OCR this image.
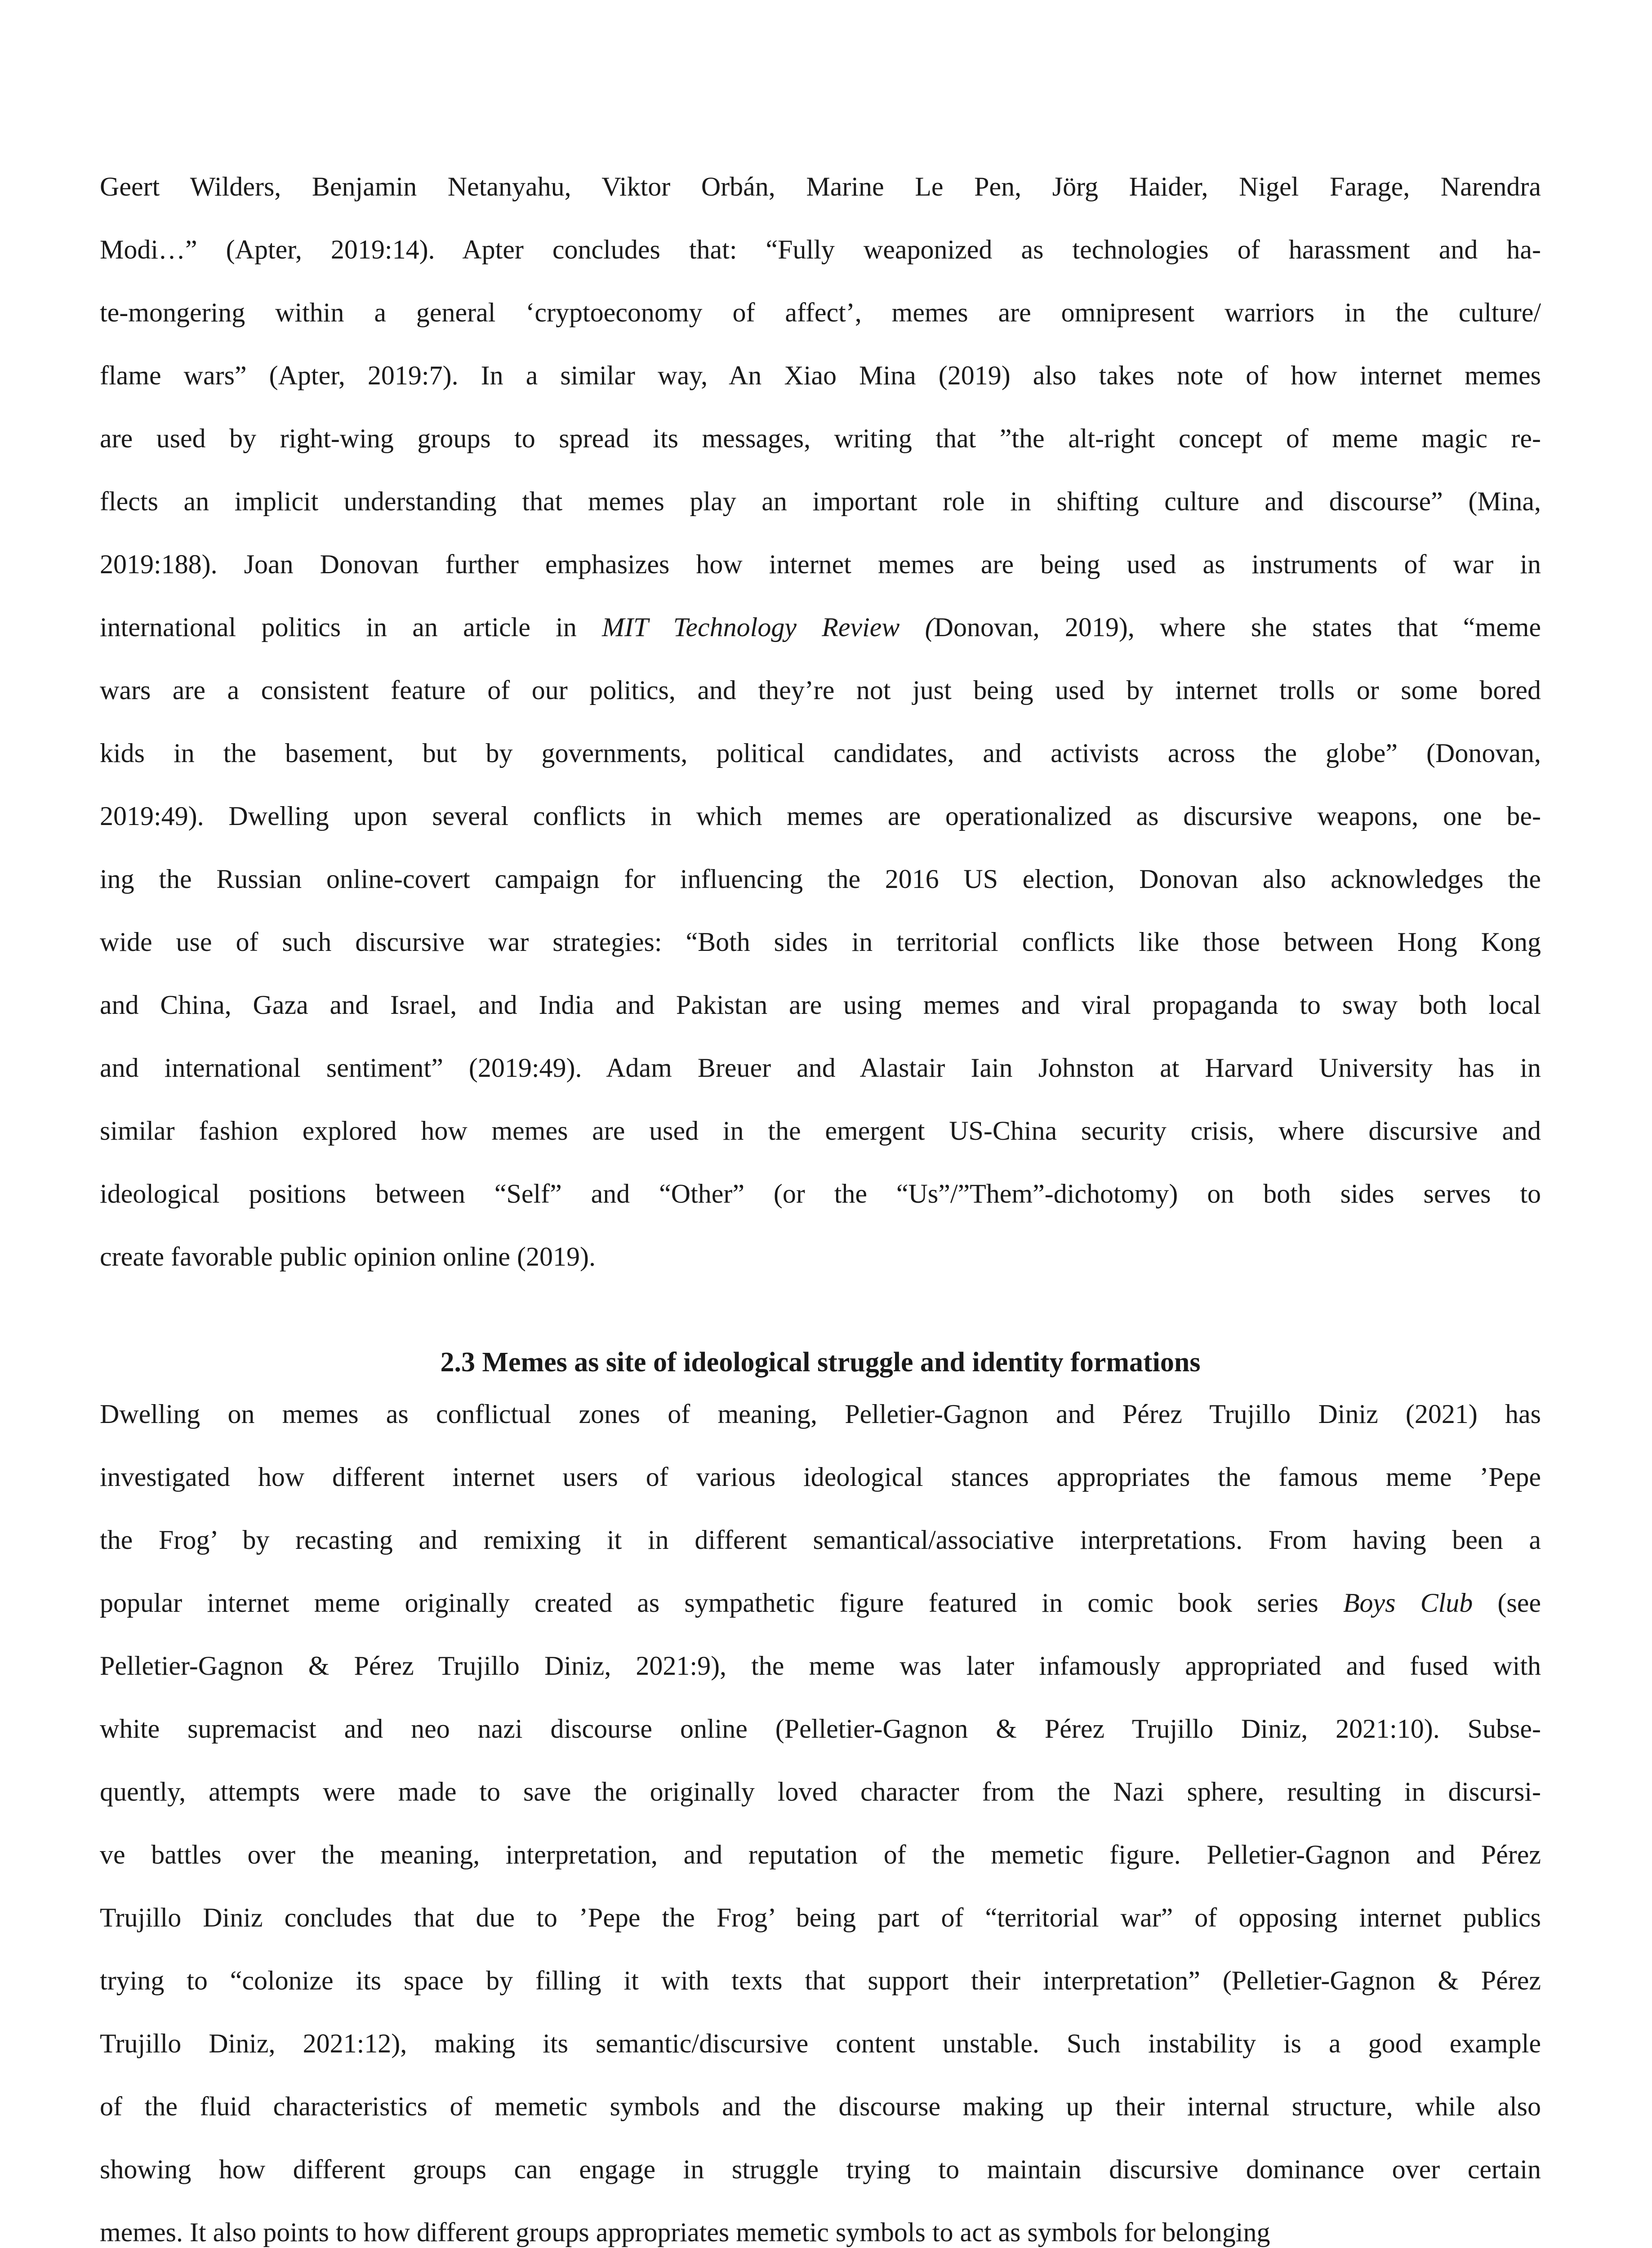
Geert Wilders, Benjamin Netanyahu, Viktor Orbán, Marine Le Pen, Jörg Haider, Nigel Farage, Narendra
Modi…” (Apter, 2019:14). Apter concludes that: “Fully weaponized as technologies of harassment and ha-
te-mongering within a general ‘cryptoeconomy of affect’, memes are omnipresent warriors in the culture/
flame wars” (Apter, 2019:7). In a similar way, An Xiao Mina (2019) also takes note of how internet memes
are used by right-wing groups to spread its messages, writing that ”the alt-right concept of meme magic re-
flects an implicit understanding that memes play an important role in shifting culture and discourse” (Mina,
2019:188). Joan Donovan further emphasizes how internet memes are being used as instruments of war in
international politics in an article in MIT Technology Review (Donovan, 2019), where she states that “meme
wars are a consistent feature of our politics, and they’re not just being used by internet trolls or some bored
kids in the basement, but by governments, political candidates, and activists across the globe” (Donovan,
2019:49). Dwelling upon several conflicts in which memes are operationalized as discursive weapons, one be-
ing the Russian online-covert campaign for influencing the 2016 US election, Donovan also acknowledges the
wide use of such discursive war strategies: “Both sides in territorial conflicts like those between Hong Kong
and China, Gaza and Israel, and India and Pakistan are using memes and viral propaganda to sway both local
and international sentiment” (2019:49). Adam Breuer and Alastair Iain Johnston at Harvard University has in
similar fashion explored how memes are used in the emergent US-China security crisis, where discursive and
ideological positions between “Self” and “Other” (or the “Us”/”Them”-dichotomy) on both sides serves to
create favorable public opinion online (2019).
2.3 Memes as site of ideological struggle and identity formations
Dwelling on memes as conflictual zones of meaning, Pelletier-Gagnon and Pérez Trujillo Diniz (2021) has
investigated how different internet users of various ideological stances appropriates the famous meme ’Pepe
the Frog’ by recasting and remixing it in different semantical/associative interpretations. From having been a
popular internet meme originally created as sympathetic figure featured in comic book series Boys Club (see
Pelletier-Gagnon & Pérez Trujillo Diniz, 2021:9), the meme was later infamously appropriated and fused with
white supremacist and neo nazi discourse online (Pelletier-Gagnon & Pérez Trujillo Diniz, 2021:10). Subse-
quently, attempts were made to save the originally loved character from the Nazi sphere, resulting in discursi-
ve battles over the meaning, interpretation, and reputation of the memetic figure. Pelletier-Gagnon and Pérez
Trujillo Diniz concludes that due to ’Pepe the Frog’ being part of “territorial war” of opposing internet publics
trying to “colonize its space by filling it with texts that support their interpretation” (Pelletier-Gagnon & Pérez
Trujillo Diniz, 2021:12), making its semantic/discursive content unstable. Such instability is a good example
of the fluid characteristics of memetic symbols and the discourse making up their internal structure, while also
showing how different groups can engage in struggle trying to maintain discursive dominance over certain
memes. It also points to how different groups appropriates memetic symbols to act as symbols for belonging
